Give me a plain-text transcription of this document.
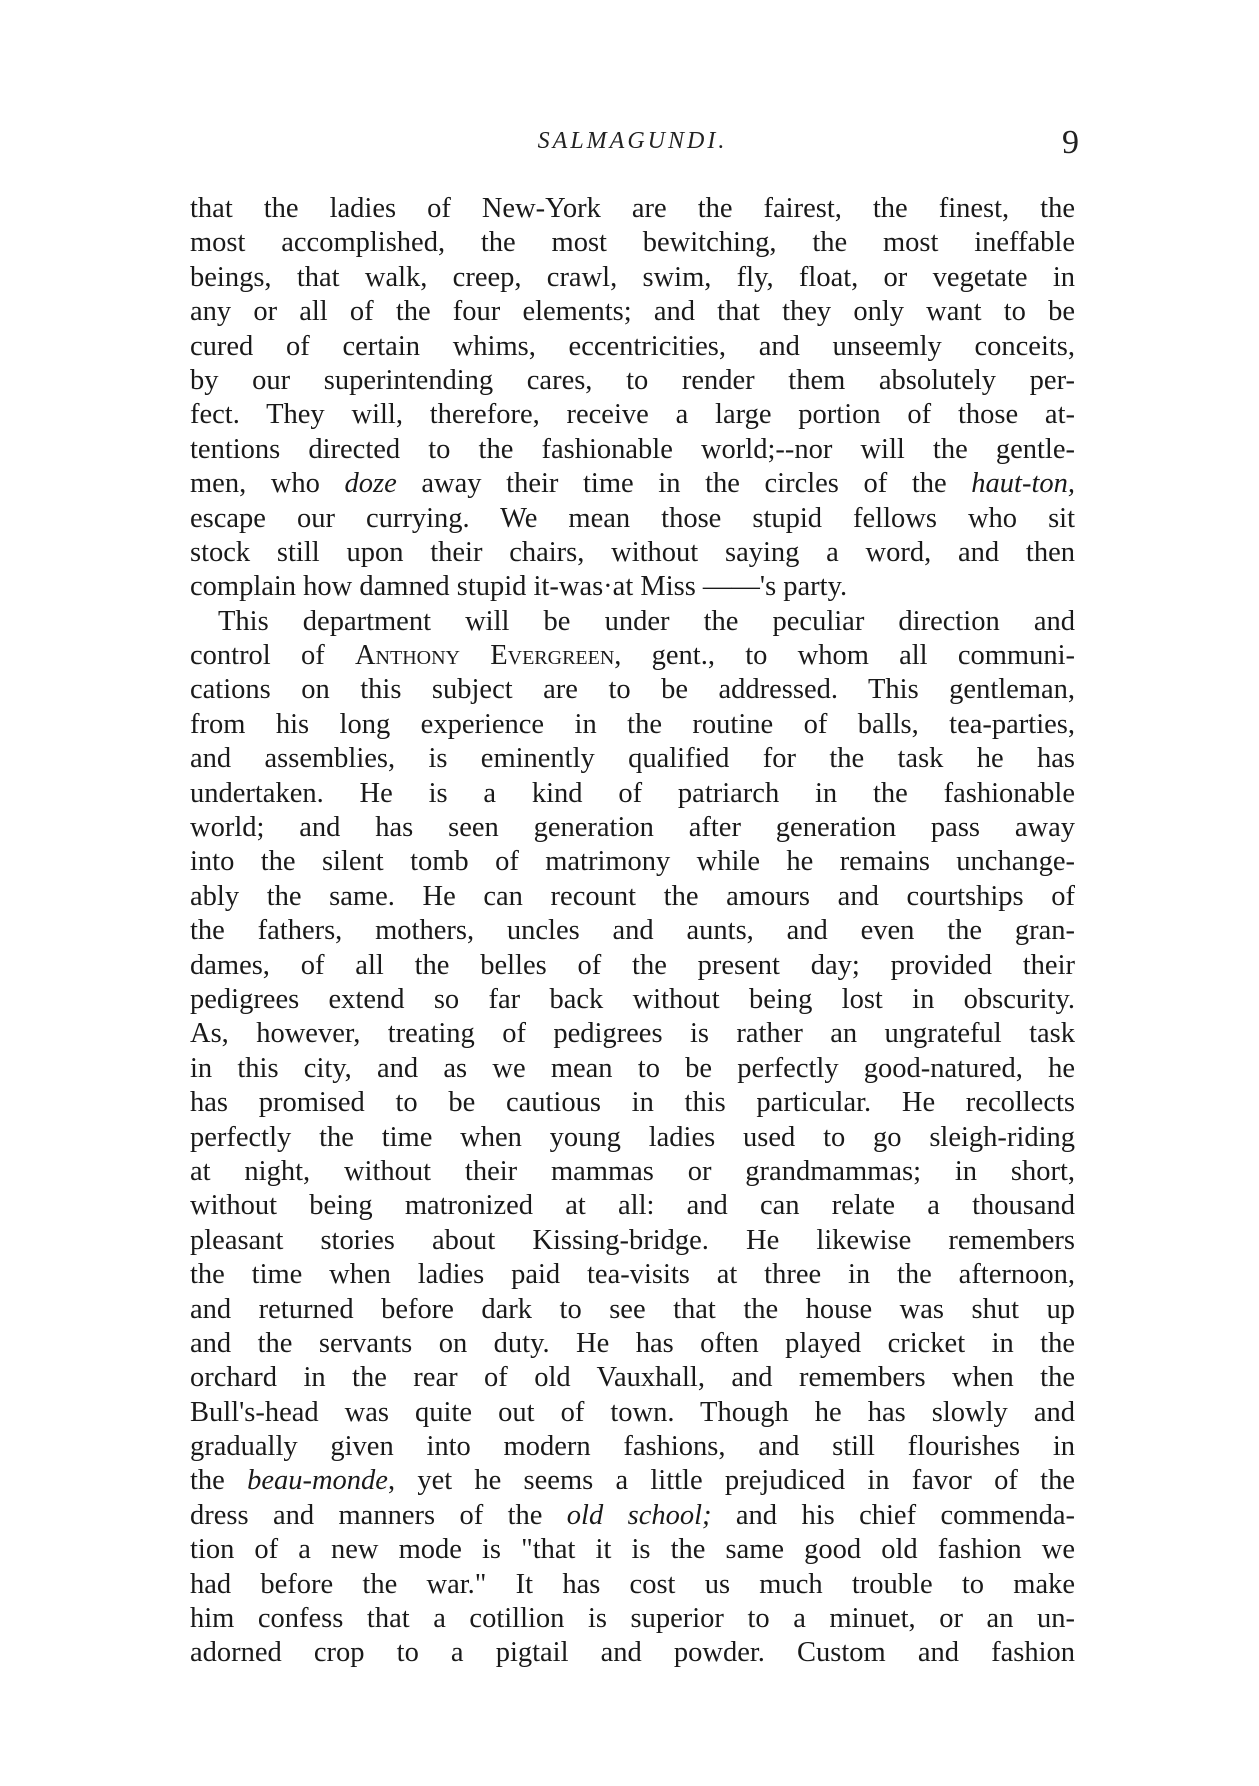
SALMAGUNDI.	9
that the ladies of New-York are the fairest, the finest, the
most accomplished, the most bewitching, the most ineffable
beings, that walk, creep, crawl, swim, fly, float, or vegetate in
any or all of the four elements; and that they only want to be
cured of certain whims, eccentricities, and unseemly conceits,
by our superintending cares, to render them absolutely per-
fect. They will, therefore, receive a large portion of those at-
tentions directed to the fashionable world;--nor will the gentle-
men, who doze away their time in the circles of the haut-ton,
escape our currying. We mean those stupid fellows who sit
stock still upon their chairs, without saying a word, and then
complain how damned stupid it-was·at Miss ——'s party.
This department will be under the peculiar direction and
control of Anthony Evergreen, gent., to whom all communi-
cations on this subject are to be addressed. This gentleman,
from his long experience in the routine of balls, tea-parties,
and assemblies, is eminently qualified for the task he has
undertaken. He is a kind of patriarch in the fashionable
world; and has seen generation after generation pass away
into the silent tomb of matrimony while he remains unchange-
ably the same. He can recount the amours and courtships of
the fathers, mothers, uncles and aunts, and even the gran-
dames, of all the belles of the present day; provided their
pedigrees extend so far back without being lost in obscurity.
As, however, treating of pedigrees is rather an ungrateful task
in this city, and as we mean to be perfectly good-natured, he
has promised to be cautious in this particular. He recollects
perfectly the time when young ladies used to go sleigh-riding
at night, without their mammas or grandmammas; in short,
without being matronized at all: and can relate a thousand
pleasant stories about Kissing-bridge. He likewise remembers
the time when ladies paid tea-visits at three in the afternoon,
and returned before dark to see that the house was shut up
and the servants on duty. He has often played cricket in the
orchard in the rear of old Vauxhall, and remembers when the
Bull's-head was quite out of town. Though he has slowly and
gradually given into modern fashions, and still flourishes in
the beau-monde, yet he seems a little prejudiced in favor of the
dress and manners of the old school; and his chief commenda-
tion of a new mode is "that it is the same good old fashion we
had before the war." It has cost us much trouble to make
him confess that a cotillion is superior to a minuet, or an un-
adorned crop to a pigtail and powder. Custom and fashion
